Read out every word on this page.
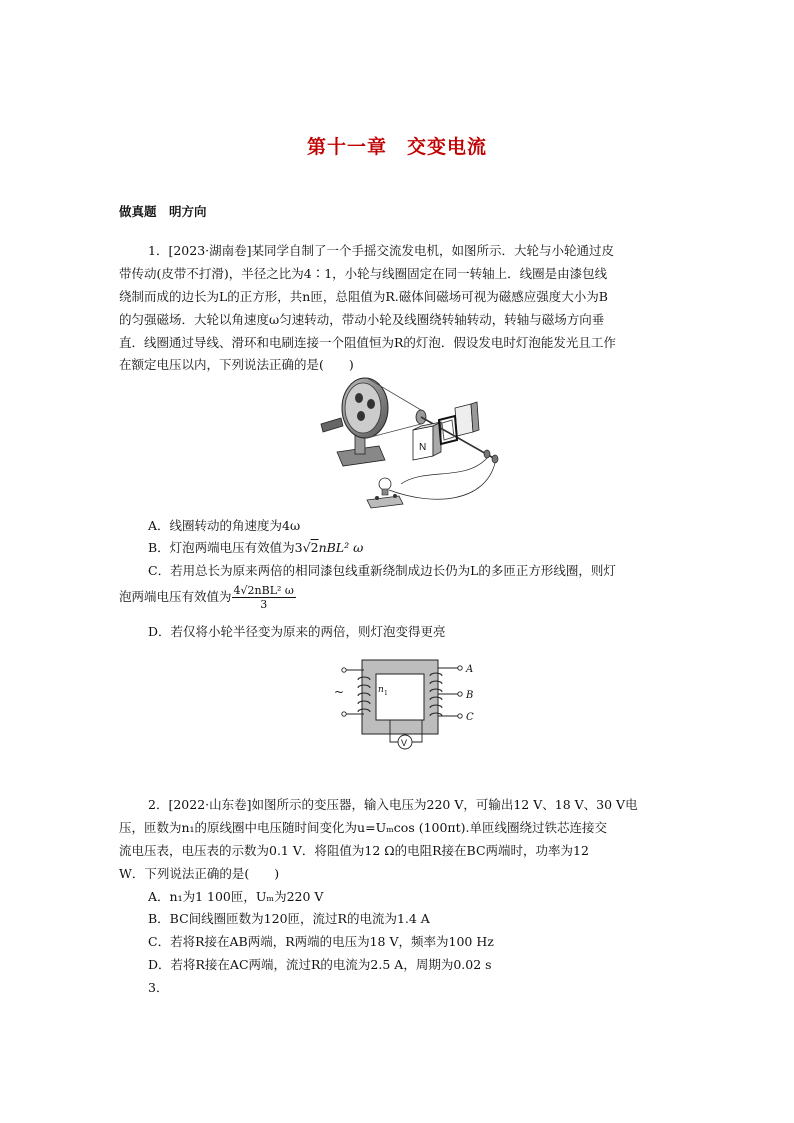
第十一章　交变电流
做真题　明方向
1．[2023·湖南卷]某同学自制了一个手摇交流发电机，如图所示．大轮与小轮通过皮
带传动(皮带不打滑)，半径之比为4∶1，小轮与线圈固定在同一转轴上．线圈是由漆包线
绕制而成的边长为L的正方形，共n匝，总阻值为R.磁体间磁场可视为磁感应强度大小为B
的匀强磁场．大轮以角速度ω匀速转动，带动小轮及线圈绕转轴转动，转轴与磁场方向垂
直．线圈通过导线、滑环和电刷连接一个阻值恒为R的灯泡．假设发电时灯泡能发光且工作
在额定电压以内，下列说法正确的是(　　)
N
A．线圈转动的角速度为4ω
B．灯泡两端电压有效值为3√2nBL² ω
C．若用总长为原来两倍的相同漆包线重新绕制成边长仍为L的多匝正方形线圈，则灯
泡两端电压有效值为 $\frac{\text{4√2nBL² ω}}{3}$
D．若仅将小轮半径变为原来的两倍，则灯泡变得更亮
~	n 1
A
B
C
V
2．[2022·山东卷]如图所示的变压器，输入电压为220 V，可输出12 V、18 V、30 V电
压，匝数为n₁的原线圈中电压随时间变化为u=Uₘcos (100πt).单匝线圈绕过铁芯连接交
流电压表，电压表的示数为0.1 V．将阻值为12 Ω的电阻R接在BC两端时，功率为12
W．下列说法正确的是(　　)
A．n₁为1 100匝，Uₘ为220 V
B．BC间线圈匝数为120匝，流过R的电流为1.4 A
C．若将R接在AB两端，R两端的电压为18 V，频率为100 Hz
D．若将R接在AC两端，流过R的电流为2.5 A，周期为0.02 s
3．
